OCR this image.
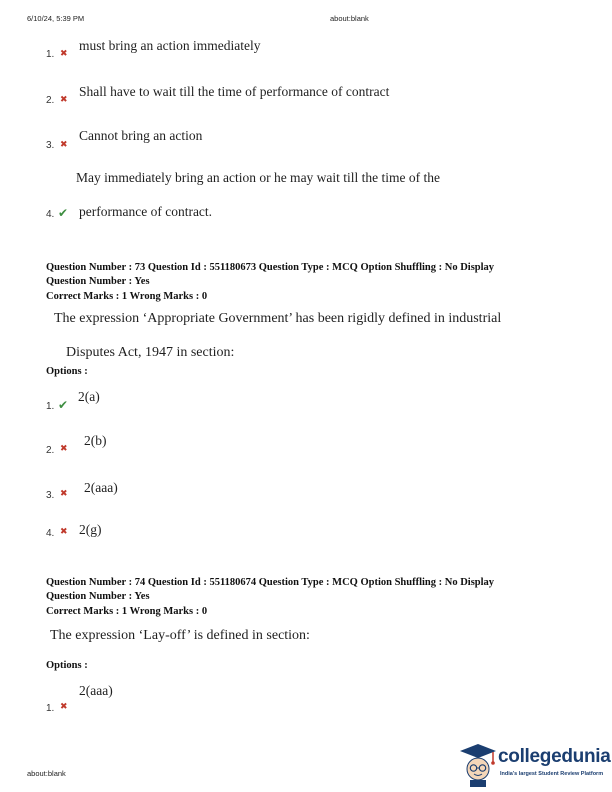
6/10/24, 5:39 PM	about:blank
1. ✖
must bring an action immediately
2. ✖
Shall have to wait till the time of performance of contract
3. ✖
Cannot bring an action
May immediately bring an action or he may wait till the time of the
4. ✔ performance of contract.
Question Number : 73 Question Id : 551180673 Question Type : MCQ Option Shuffling : No Display
Question Number : Yes
Correct Marks : 1 Wrong Marks : 0
The expression ‘Appropriate Government’ has been rigidly defined in industrial
Disputes Act, 1947 in section:
Options :
1. ✔
2(a)
2. ✖
2(b)
3. ✖ 2(aaa)
4. ✖ 2(g)
Question Number : 74 Question Id : 551180674 Question Type : MCQ Option Shuffling : No Display
Question Number : Yes
Correct Marks : 1 Wrong Marks : 0
The expression ‘Lay-off’ is defined in section:
Options :
1. ✖
2(aaa)
about:blank
collegedunia
India's largest Student Review Platform
